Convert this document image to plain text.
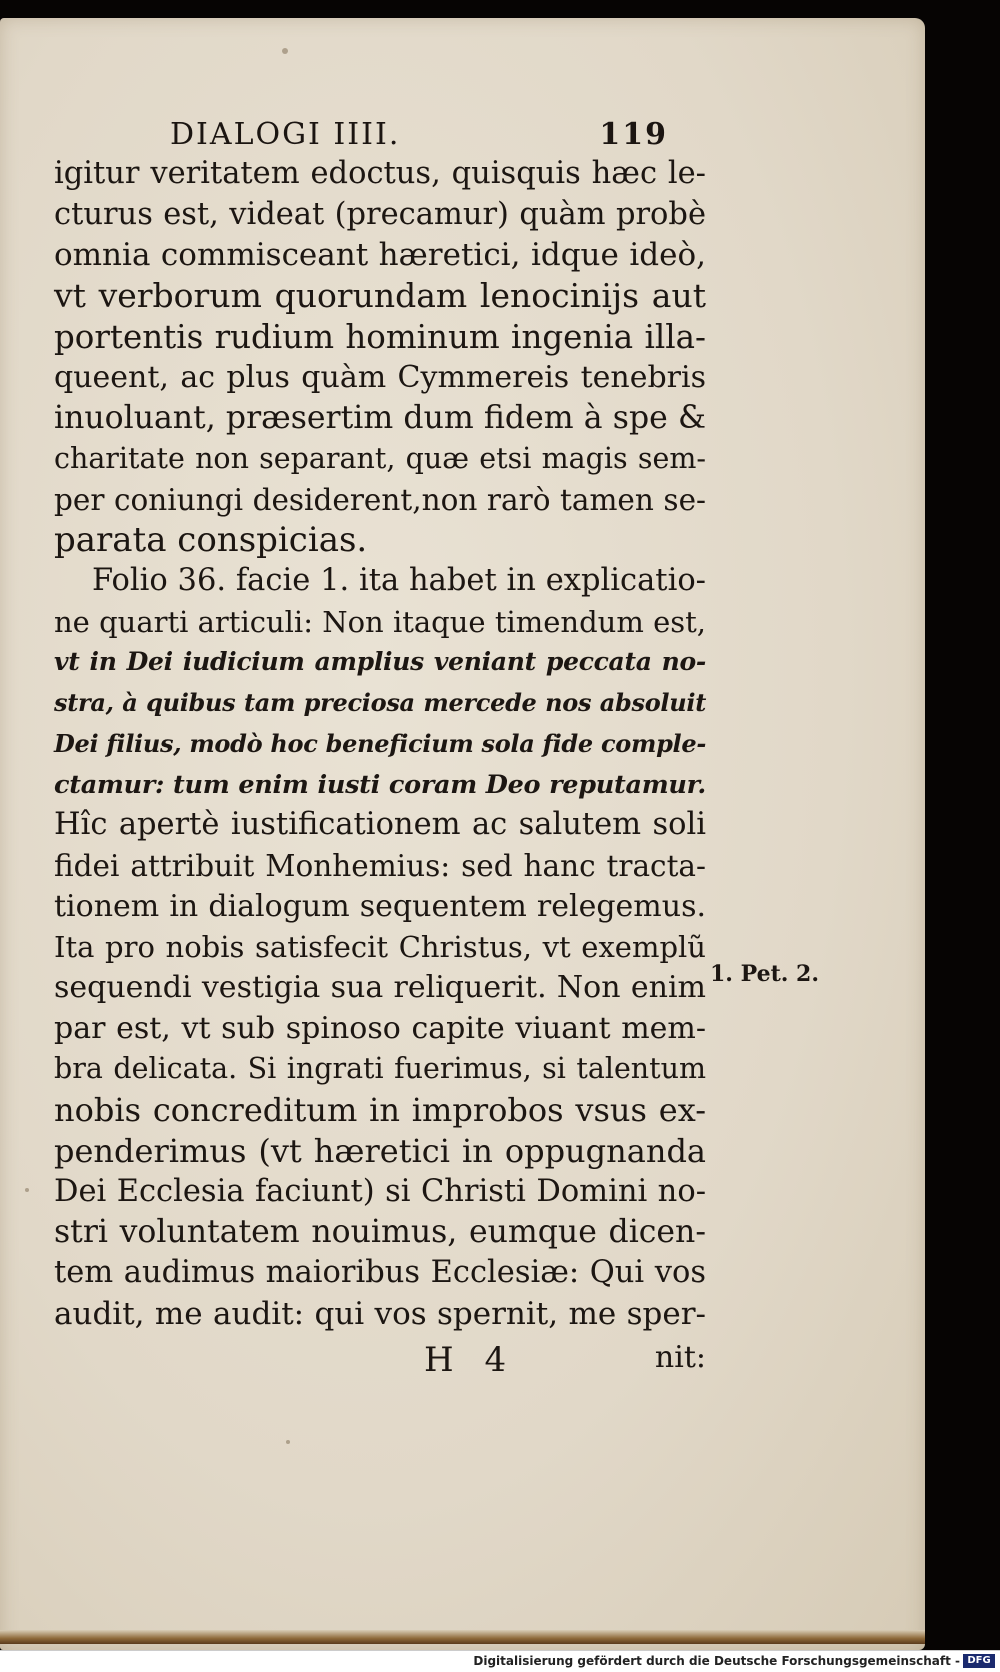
DIALOGI IIII.	119
igitur veritatem edoctus, quisquis hæc le-
cturus est, videat (precamur) quàm probè
omnia commisceant hæretici, idque ideò,
vt verborum quorundam lenocinijs aut
portentis rudium hominum ingenia illa-
queent, ac plus quàm Cymmereis tenebris
inuoluant, præsertim dum fidem à spe &
charitate non separant, quæ etsi magis sem-
per coniungi desiderent,non rarò tamen se-
parata conspicias.
Folio 36. facie 1. ita habet in explicatio-
ne quarti articuli: Non itaque timendum est,
vt in Dei iudicium amplius veniant peccata no-
stra, à quibus tam preciosa mercede nos absoluit
Dei filius, modò hoc beneficium sola fide comple-
ctamur: tum enim iusti coram Deo reputamur.
Hîc apertè iustificationem ac salutem soli
fidei attribuit Monhemius: sed hanc tracta-
tionem in dialogum sequentem relegemus.
Ita pro nobis satisfecit Christus, vt exemplũ
sequendi vestigia sua reliquerit. Non enim
par est, vt sub spinoso capite viuant mem-
bra delicata. Si ingrati fuerimus, si talentum
nobis concreditum in improbos vsus ex-
penderimus (vt hæretici in oppugnanda
Dei Ecclesia faciunt) si Christi Domini no-
stri voluntatem nouimus, eumque dicen-
tem audimus maioribus Ecclesiæ: Qui vos
audit, me audit: qui vos spernit, me sper-
1. Pet. 2.
H 4	nit:
Digitalisierung gefördert durch die Deutsche Forschungsgemeinschaft - DFG
